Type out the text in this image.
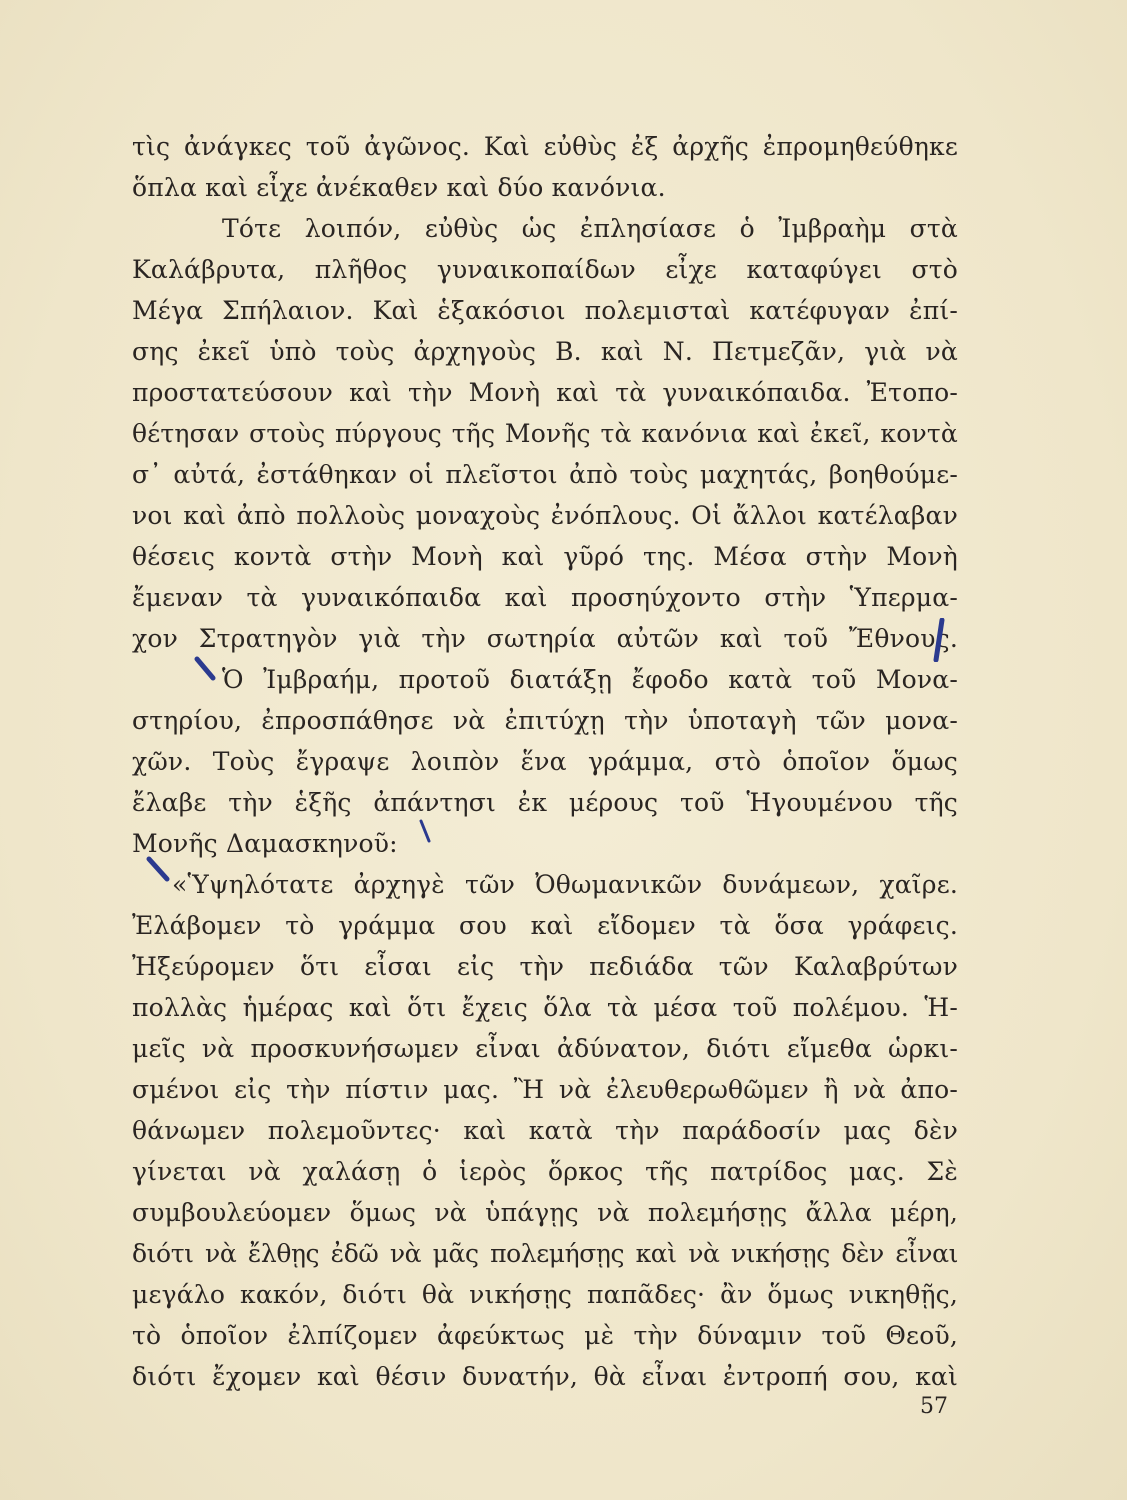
τὶς ἀνάγκες τοῦ ἀγῶνος. Καὶ εὐθὺς ἐξ ἀρχῆς ἐπρομηθεύθηκε
ὅπλα καὶ εἶχε ἀνέκαθεν καὶ δύο κανόνια.
Τότε λοιπόν, εὐθὺς ὡς ἐπλησίασε ὁ Ἰμβραὴμ στὰ
Καλάβρυτα, πλῆθος γυναικοπαίδων εἶχε καταφύγει στὸ
Μέγα Σπήλαιον. Καὶ ἑξακόσιοι πολεμισταὶ κατέφυγαν ἐπί-
σης ἐκεῖ ὑπὸ τοὺς ἀρχηγοὺς Β. καὶ Ν. Πετμεζᾶν, γιὰ νὰ
προστατεύσουν καὶ τὴν Μονὴ καὶ τὰ γυναικόπαιδα. Ἐτοπο-
θέτησαν στοὺς πύργους τῆς Μονῆς τὰ κανόνια καὶ ἐκεῖ, κοντὰ
σ᾽ αὐτά, ἐστάθηκαν οἱ πλεῖστοι ἀπὸ τοὺς μαχητάς, βοηθούμε-
νοι καὶ ἀπὸ πολλοὺς μοναχοὺς ἐνόπλους. Οἱ ἄλλοι κατέλαβαν
θέσεις κοντὰ στὴν Μονὴ καὶ γῦρό της. Μέσα στὴν Μονὴ
ἔμεναν τὰ γυναικόπαιδα καὶ προσηύχοντο στὴν Ὑπερμα-
χον Στρατηγὸν γιὰ τὴν σωτηρία αὐτῶν καὶ τοῦ Ἔθνους.
Ὁ Ἰμβραήμ, προτοῦ διατάξῃ ἔφοδο κατὰ τοῦ Μονα-
στηρίου, ἐπροσπάθησε νὰ ἐπιτύχῃ τὴν ὑποταγὴ τῶν μονα-
χῶν. Τοὺς ἔγραψε λοιπὸν ἕνα γράμμα, στὸ ὁποῖον ὅμως
ἔλαβε τὴν ἑξῆς ἀπάντησι ἐκ μέρους τοῦ Ἡγουμένου τῆς
Μονῆς Δαμασκηνοῦ:
«Ὑψηλότατε ἀρχηγὲ τῶν Ὀθωμανικῶν δυνάμεων, χαῖρε.
Ἐλάβομεν τὸ γράμμα σου καὶ εἴδομεν τὰ ὅσα γράφεις.
Ἠξεύρομεν ὅτι εἶσαι εἰς τὴν πεδιάδα τῶν Καλαβρύτων
πολλὰς ἡμέρας καὶ ὅτι ἔχεις ὅλα τὰ μέσα τοῦ πολέμου. Ἡ-
μεῖς νὰ προσκυνήσωμεν εἶναι ἀδύνατον, διότι εἴμεθα ὡρκι-
σμένοι εἰς τὴν πίστιν μας. Ἢ νὰ ἐλευθερωθῶμεν ἢ νὰ ἀπο-
θάνωμεν πολεμοῦντες· καὶ κατὰ τὴν παράδοσίν μας δὲν
γίνεται νὰ χαλάσῃ ὁ ἱερὸς ὅρκος τῆς πατρίδος μας. Σὲ
συμβουλεύομεν ὅμως νὰ ὑπάγῃς νὰ πολεμήσῃς ἄλλα μέρη,
διότι νὰ ἔλθῃς ἐδῶ νὰ μᾶς πολεμήσῃς καὶ νὰ νικήσῃς δὲν εἶναι
μεγάλο κακόν, διότι θὰ νικήσῃς παπᾶδες· ἂν ὅμως νικηθῇς,
τὸ ὁποῖον ἐλπίζομεν ἀφεύκτως μὲ τὴν δύναμιν τοῦ Θεοῦ,
διότι ἔχομεν καὶ θέσιν δυνατήν, θὰ εἶναι ἐντροπή σου, καὶ
57
